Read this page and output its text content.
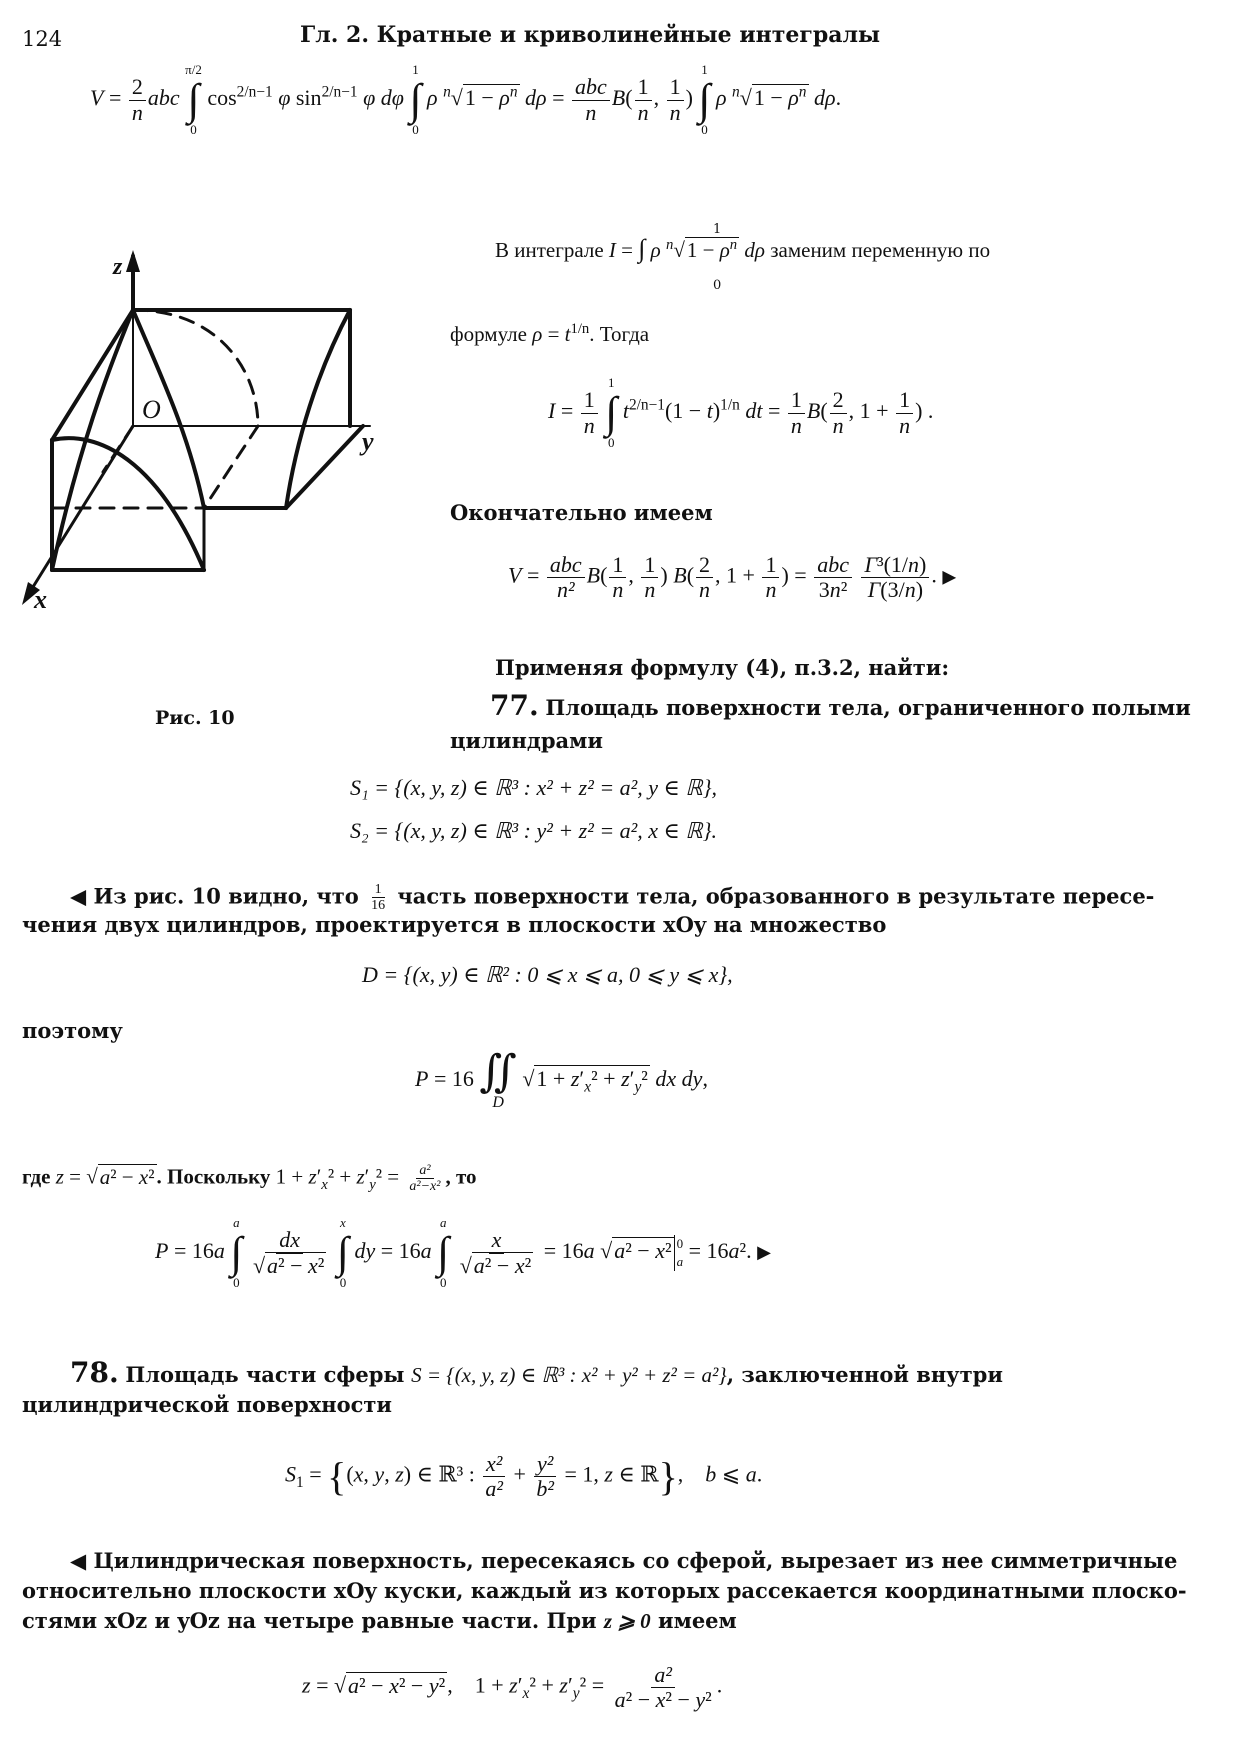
124	Гл. 2. Кратные и криволинейные интегралы
$V = \frac{2}{n}$ abc
π/2
∫
0
$\cos^{2/n-1} \varphi$ $\sin^{2/n-1} \varphi$ dφ
1
∫
0
ρ $^n√1 - \rho^n$ $d\rho = \frac{\text{abc}}{n} B( \frac{1}{n}$ , $\frac{1}{n}$ )
1
∫
0
ρ $^n√1 - \rho^n$ dρ.
z
y
x
O
Рис. 10
В интеграле I = ∫ ρ $^n√1 - \rho^n$ dρ заменим переменную по
1
0
формуле $\rho = t^{1/n}$. Тогда
$I = \frac{1}{n}$

1
∫
0
$t^{2/n-1}(1 - t)^{1/n}$ dt = $\frac{1}{n} B( \frac{2}{n}$ , $1 + \frac{1}{n}$ ) .
Окончательно имеем
$V = \frac{\text{abc}}{\text{n²}} B( \frac{1}{n}$ , $\frac{1}{n}$ ) $B( \frac{2}{n}$ , $1 + \frac{1}{n}$ ) = $\frac{\text{abc}}{\text{3n²}}$
$\frac{\text{Γ³(1/n)}}{\Gamma(3/n)}$ . ▶
Применяя формулу (4), п.3.2, найти:
77. Площадь поверхности тела, ограниченного полыми
цилиндрами
S₁ = {(x, y, z) ∈ ℝ³ : x² + z² = a², y ∈ ℝ},
S₂ = {(x, y, z) ∈ ℝ³ : y² + z² = a², x ∈ ℝ}.
◀ Из рис. 10 видно, что $\frac{1}{16}$ часть поверхности тела, образованного в результате пересе-
чения двух цилиндров, проектируется в плоскости xOy на множество
D = {(x, y) ∈ ℝ² : 0 ⩽ x ⩽ a, 0 ⩽ y ⩽ x},
поэтому
P = 16 ∬
D
$√1 + z'_x^2 + z'_y^2$ dx dy,
где z = √a² − x². Поскольку $1 + z'_x^2 + z'_y^2 = \frac{\text{a²}}{\text{a²−x²}}$ , то
P = 16a
a
∫
0

$\frac{dx}{\text{√a² − x²}}$

x
∫
0
dy = 16a
a
∫
0

$\frac{x}{\text{√a² − x²}} = 16a$ √a² − x² 0
a = 16a². ▶
78. Площадь части сферы S = {(x, y, z) ∈ ℝ³ : x² + y² + z² = a²}, заключенной внутри
цилиндрической поверхности
$S_1 = \{(x$, y, z) ∈ ℝ³ : $\frac{\text{x²}}{\text{a²}} + \frac{\text{y²}}{\text{b²}} = 1$, z ∈ ℝ},    b ⩽ a.
◀ Цилиндрическая поверхность, пересекаясь со сферой, вырезает из нее симметричные
относительно плоскости xOy куски, каждый из которых рассекается координатными плоско-
стями xOz и yOz на четыре равные части. При z ⩾ 0 имеем
z = √a² − x² − y²,    $1 + z'_x^2 + z'_y^2 = \frac{\text{a²}}{\text{a² − x² − y²}}$ .
